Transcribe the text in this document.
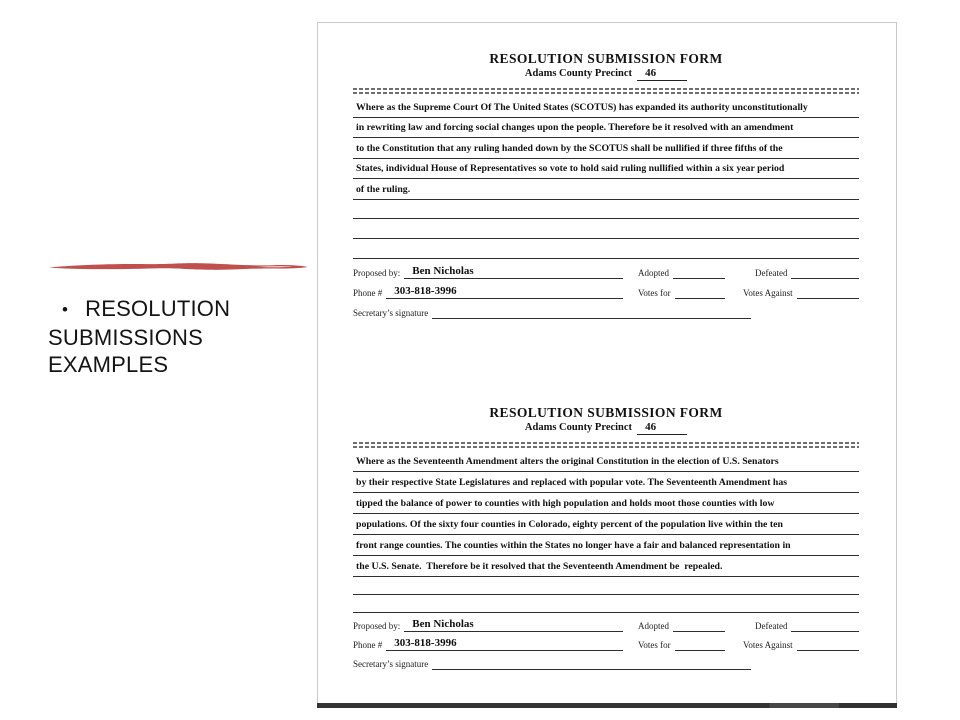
• RESOLUTION
SUBMISSIONS
EXAMPLES
RESOLUTION SUBMISSION FORM
Adams County Precinct 46
Where as the Supreme Court Of The United States (SCOTUS) has expanded its authority unconstitutionally
in rewriting law and forcing social changes upon the people. Therefore be it resolved with an amendment
to the Constitution that any ruling handed down by the SCOTUS shall be nullified if three fifths of the
States, individual House of Representatives so vote to hold said ruling nullified within a six year period
of the ruling.
Proposed by:	Ben Nicholas	Adopted	Defeated
Phone #	303-818-3996	Votes for	Votes Against
Secretary’s signature
RESOLUTION SUBMISSION FORM
Adams County Precinct 46
Where as the Seventeenth Amendment alters the original Constitution in the election of U.S. Senators
by their respective State Legislatures and replaced with popular vote. The Seventeenth Amendment has
tipped the balance of power to counties with high population and holds moot those counties with low
populations. Of the sixty four counties in Colorado, eighty percent of the population live within the ten
front range counties. The counties within the States no longer have a fair and balanced representation in
the U.S. Senate.  Therefore be it resolved that the Seventeenth Amendment be  repealed.
Proposed by:	Ben Nicholas	Adopted	Defeated
Phone #	303-818-3996	Votes for	Votes Against
Secretary’s signature
